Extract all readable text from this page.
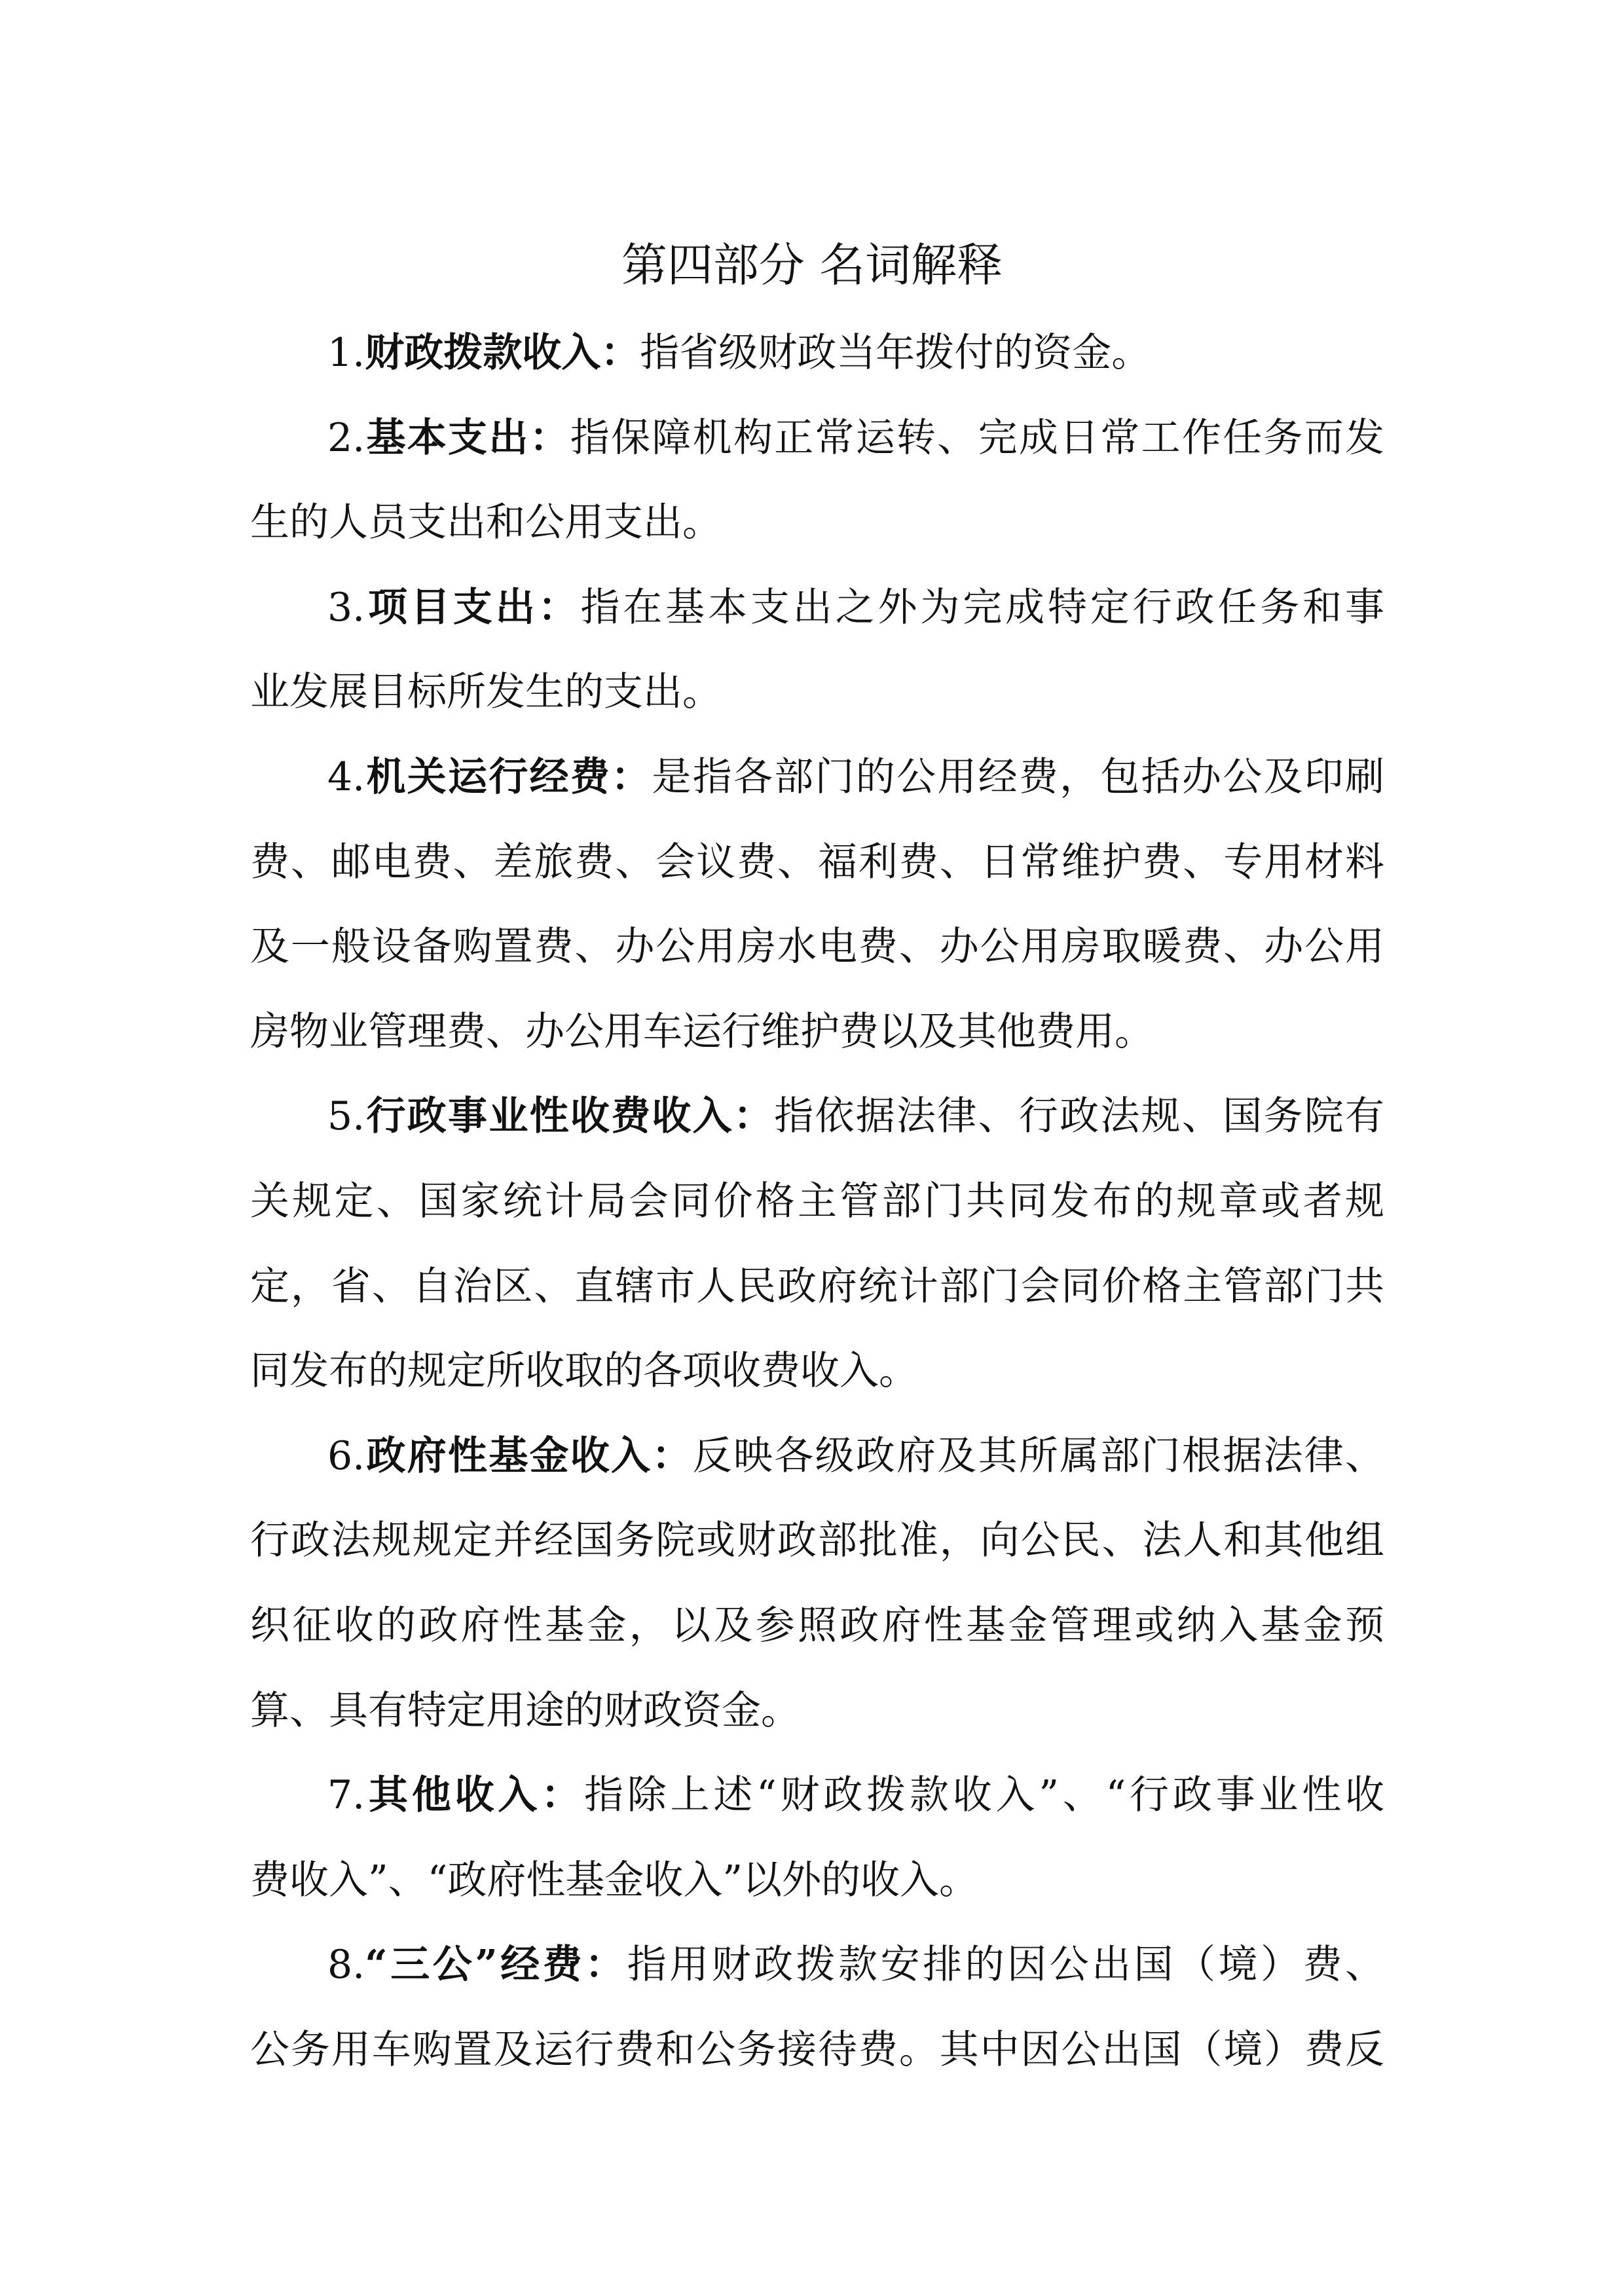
第四部分 名词解释
1.财政拨款收入：指省级财政当年拨付的资金。
2.基本支出：指保障机构正常运转、完成日常工作任务而发
生的人员支出和公用支出。
3.项目支出：指在基本支出之外为完成特定行政任务和事
业发展目标所发生的支出。
4.机关运行经费：是指各部门的公用经费，包括办公及印刷
费、邮电费、差旅费、会议费、福利费、日常维护费、专用材料
及一般设备购置费、办公用房水电费、办公用房取暖费、办公用
房物业管理费、办公用车运行维护费以及其他费用。
5.行政事业性收费收入：指依据法律、行政法规、国务院有
关规定、国家统计局会同价格主管部门共同发布的规章或者规
定，省、自治区、直辖市人民政府统计部门会同价格主管部门共
同发布的规定所收取的各项收费收入。
6.政府性基金收入：反映各级政府及其所属部门根据法律、
行政法规规定并经国务院或财政部批准，向公民、法人和其他组
织征收的政府性基金，以及参照政府性基金管理或纳入基金预
算、具有特定用途的财政资金。
7.其他收入：指除上述“财政拨款收入”、“行政事业性收
费收入”、“政府性基金收入”以外的收入。
8.“三公”经费：指用财政拨款安排的因公出国（境）费、
公务用车购置及运行费和公务接待费。其中因公出国（境）费反
